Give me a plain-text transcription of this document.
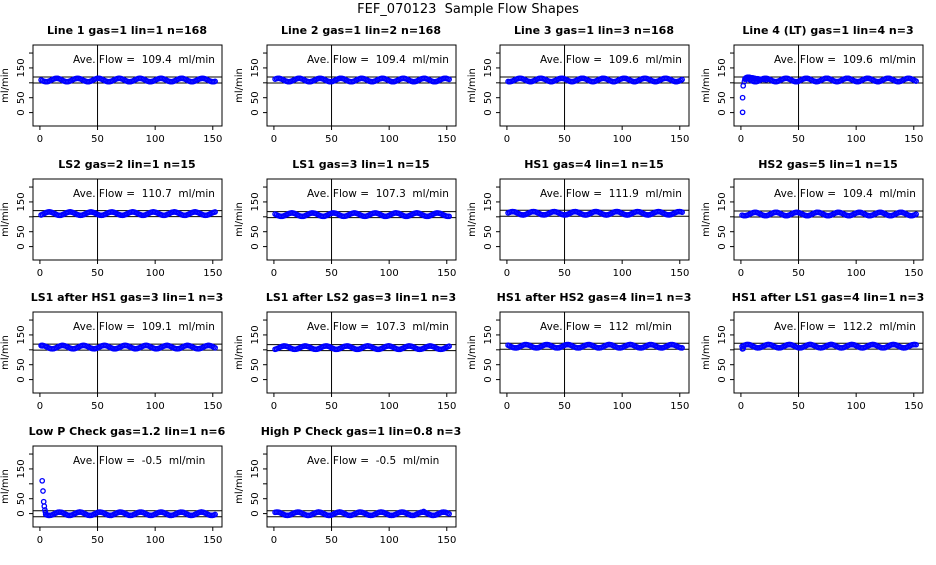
FEF_070123  Sample Flow Shapes
Line 1 gas=1 lin=1 n=168
0	50	100	150
0
50
150
ml/min
Ave. Flow =  109.4  ml/min
Line 2 gas=1 lin=2 n=168
0	50	100	150
0
50
150
ml/min
Ave. Flow =  109.4  ml/min
Line 3 gas=1 lin=3 n=168
0	50	100	150
0
50
150
ml/min
Ave. Flow =  109.6  ml/min
Line 4 (LT) gas=1 lin=4 n=3
0	50	100	150
0
50
150
ml/min
Ave. Flow =  109.6  ml/min
LS2 gas=2 lin=1 n=15
0	50	100	150
0
50
150
ml/min
Ave. Flow =  110.7  ml/min
LS1 gas=3 lin=1 n=15
0	50	100	150
0
50
150
ml/min
Ave. Flow =  107.3  ml/min
HS1 gas=4 lin=1 n=15
0	50	100	150
0
50
150
ml/min
Ave. Flow =  111.9  ml/min
HS2 gas=5 lin=1 n=15
0	50	100	150
0
50
150
ml/min
Ave. Flow =  109.4  ml/min
LS1 after HS1 gas=3 lin=1 n=3
0	50	100	150
0
50
150
ml/min
Ave. Flow =  109.1  ml/min
LS1 after LS2 gas=3 lin=1 n=3
0	50	100	150
0
50
150
ml/min
Ave. Flow =  107.3  ml/min
HS1 after HS2 gas=4 lin=1 n=3
0	50	100	150
0
50
150
ml/min
Ave. Flow =  112  ml/min
HS1 after LS1 gas=4 lin=1 n=3
0	50	100	150
0
50
150
ml/min
Ave. Flow =  112.2  ml/min
Low P Check gas=1.2 lin=1 n=6
0	50	100	150
0
50
150
ml/min
Ave. Flow =  -0.5  ml/min
High P Check gas=1 lin=0.8 n=3
0	50	100	150
0
50
150
ml/min
Ave. Flow =  -0.5  ml/min
